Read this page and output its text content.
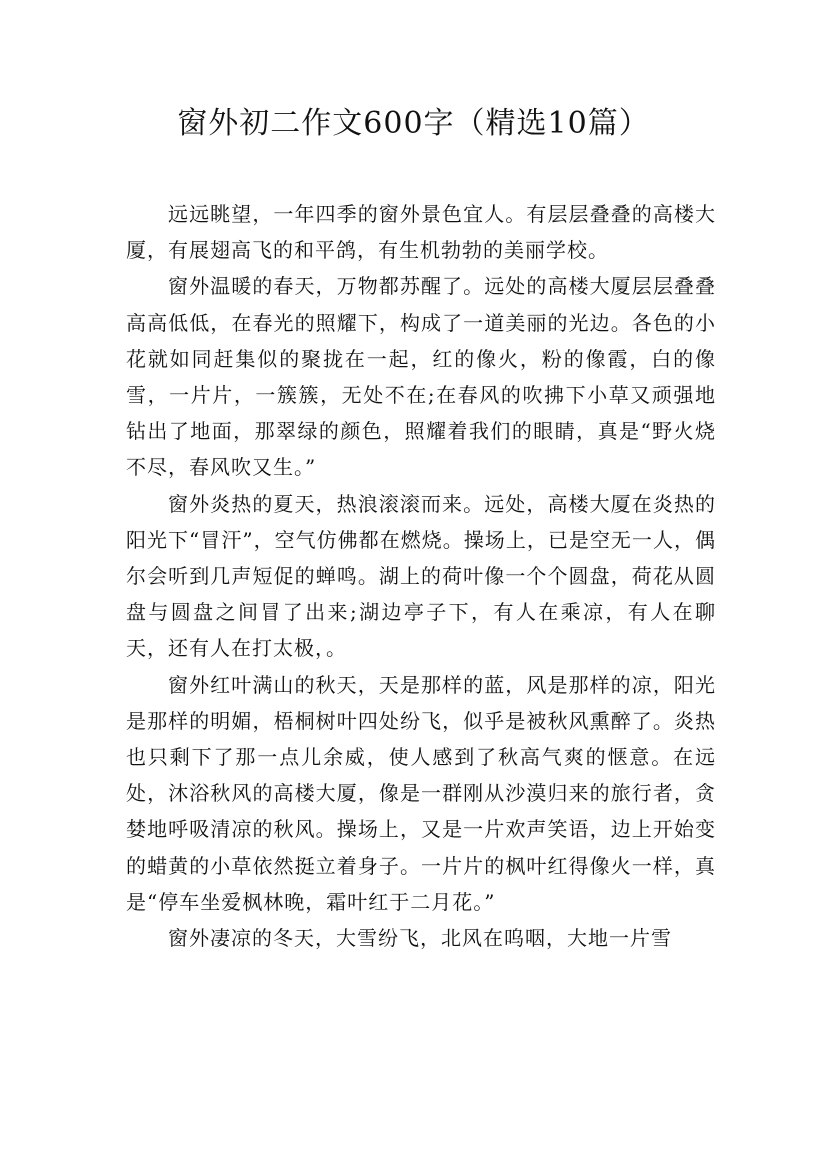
窗外初二作文600字（精选10篇）

远远眺望，一年四季的窗外景色宜人。有层层叠叠的高楼大厦，有展翅高飞的和平鸽，有生机勃勃的美丽学校。

窗外温暖的春天，万物都苏醒了。远处的高楼大厦层层叠叠高高低低，在春光的照耀下，构成了一道美丽的光边。各色的小花就如同赶集似的聚拢在一起，红的像火，粉的像霞，白的像雪，一片片，一簇簇，无处不在;在春风的吹拂下小草又顽强地钻出了地面，那翠绿的颜色，照耀着我们的眼睛，真是“野火烧不尽，春风吹又生。”

窗外炎热的夏天，热浪滚滚而来。远处，高楼大厦在炎热的阳光下“冒汗”，空气仿佛都在燃烧。操场上，已是空无一人，偶尔会听到几声短促的蝉鸣。湖上的荷叶像一个个圆盘，荷花从圆盘与圆盘之间冒了出来;湖边亭子下，有人在乘凉，有人在聊天，还有人在打太极，。

窗外红叶满山的秋天，天是那样的蓝，风是那样的凉，阳光是那样的明媚，梧桐树叶四处纷飞，似乎是被秋风熏醉了。炎热也只剩下了那一点儿余威，使人感到了秋高气爽的惬意。在远处，沐浴秋风的高楼大厦，像是一群刚从沙漠归来的旅行者，贪婪地呼吸清凉的秋风。操场上，又是一片欢声笑语，边上开始变的蜡黄的小草依然挺立着身子。一片片的枫叶红得像火一样，真是“停车坐爱枫林晚，霜叶红于二月花。”

窗外凄凉的冬天，大雪纷飞，北风在呜咽，大地一片雪
